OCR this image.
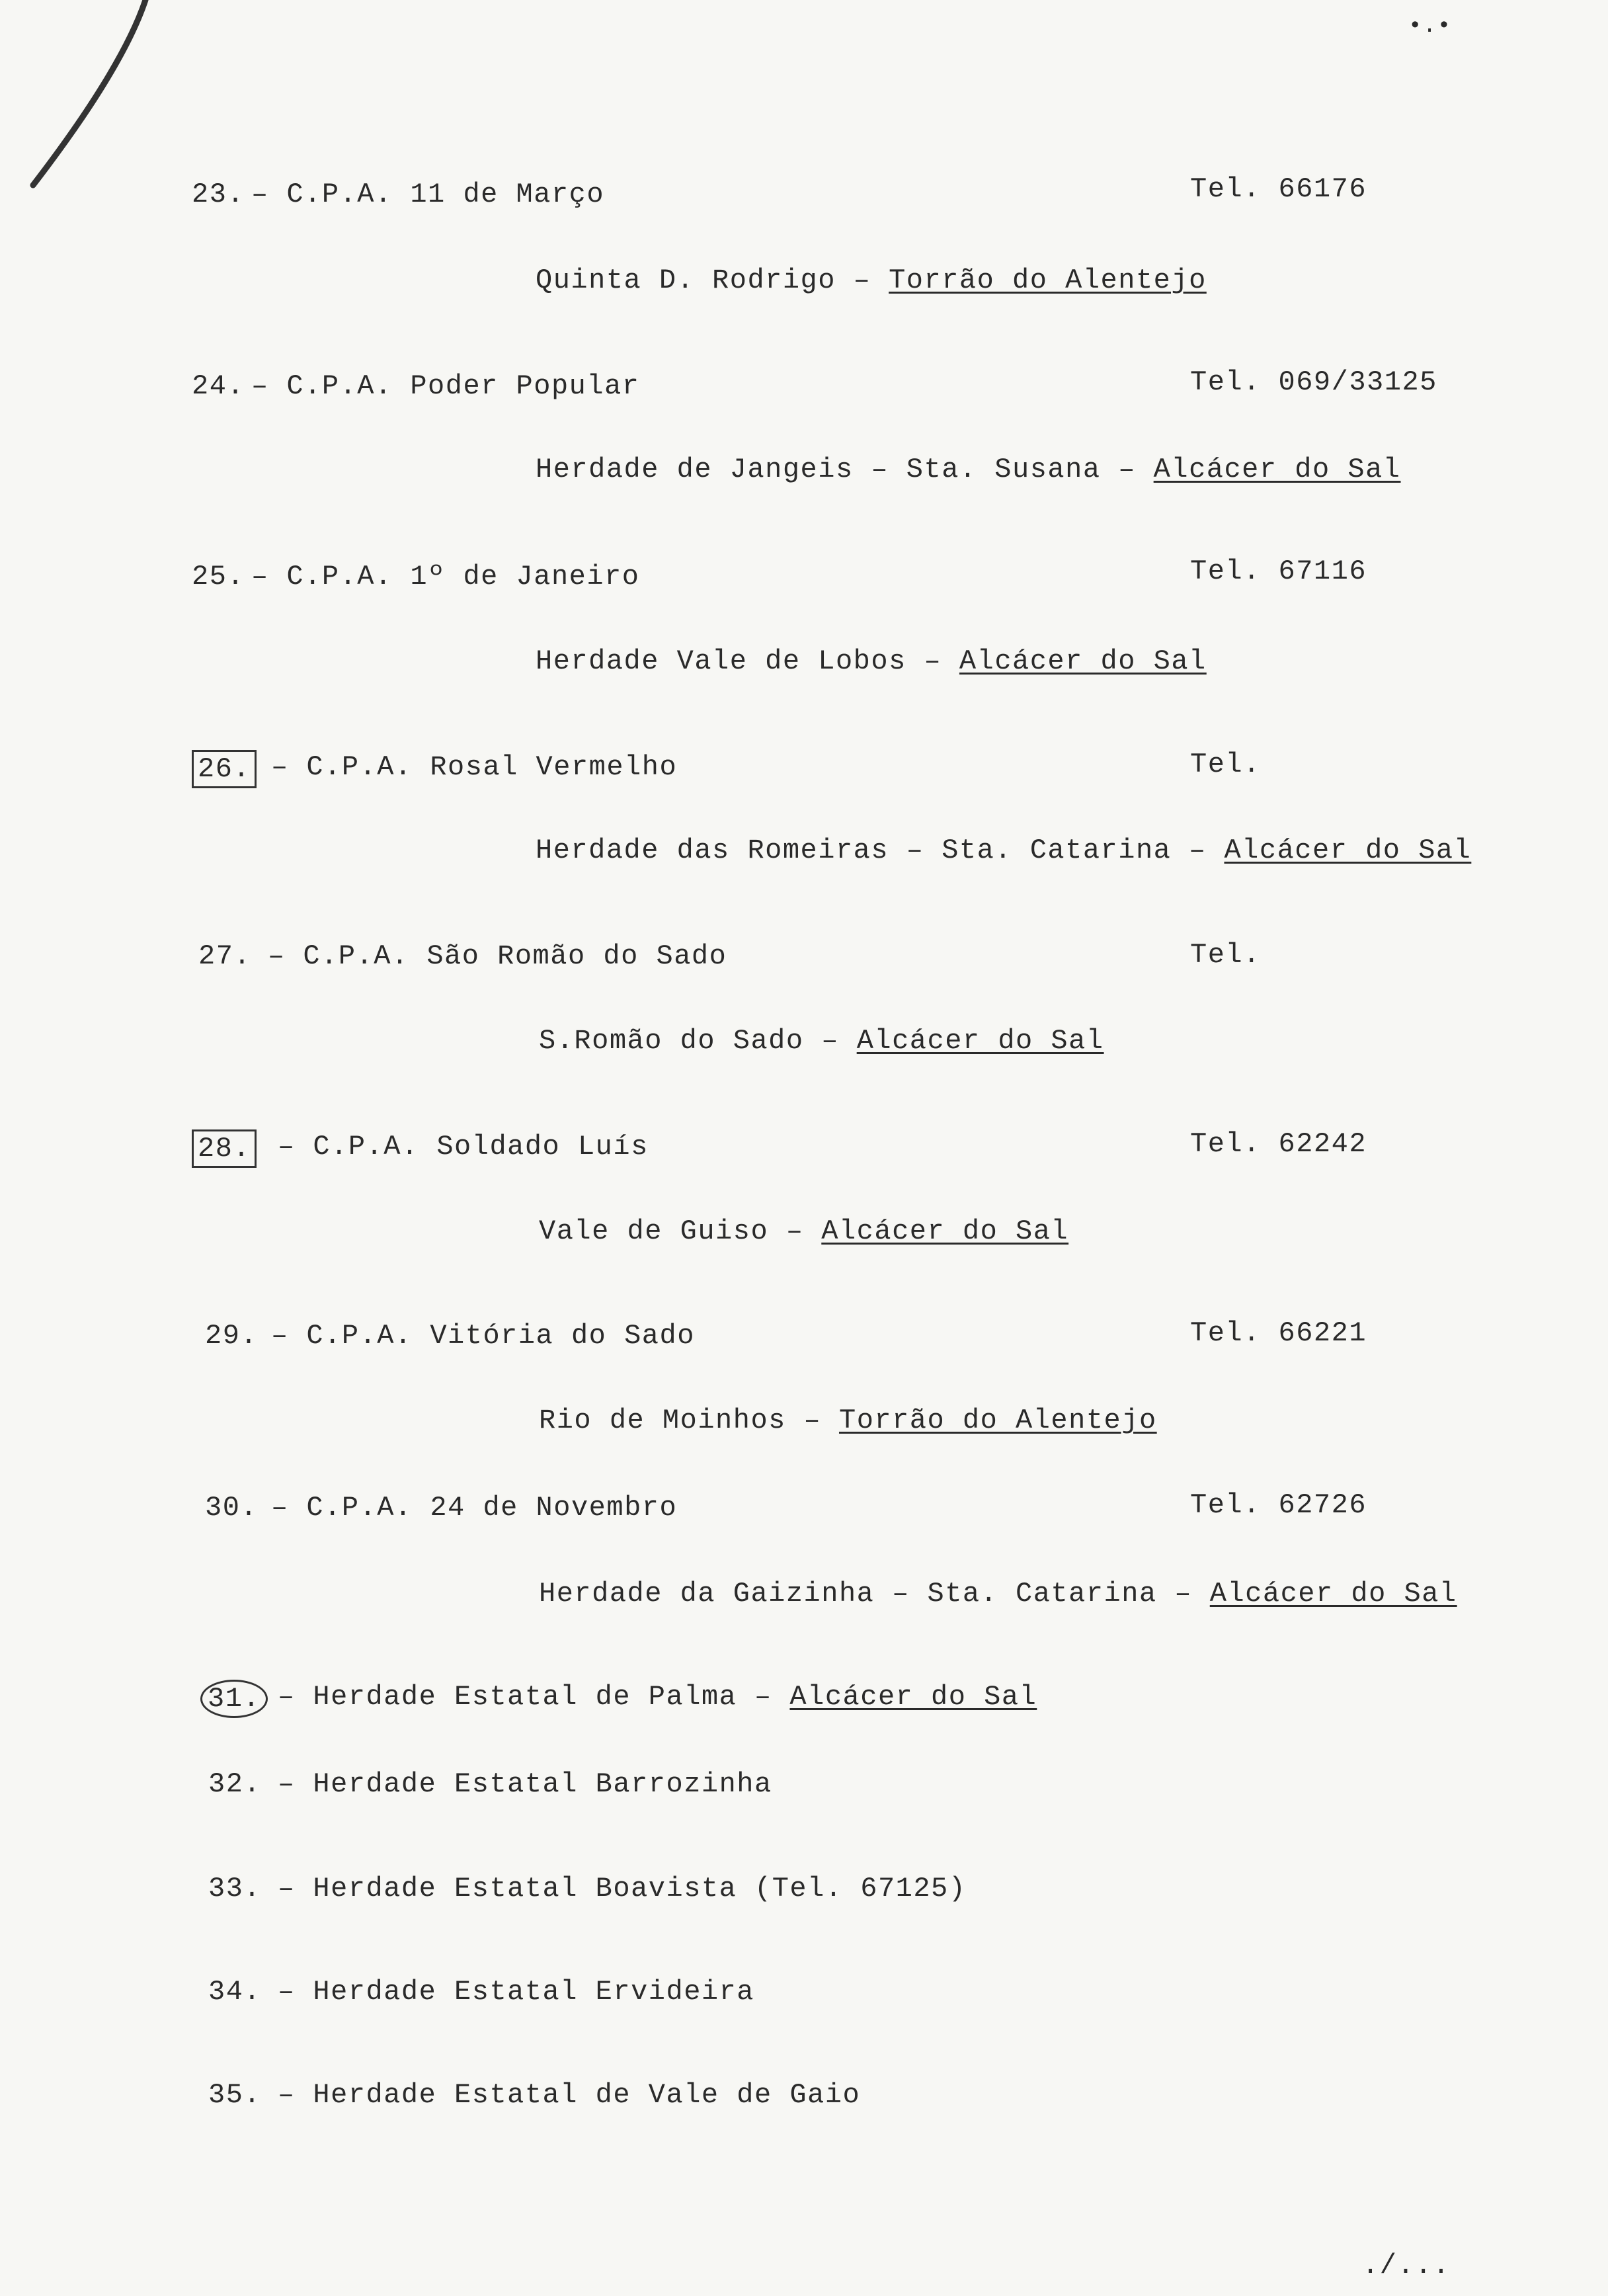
•.•
23. – C.P.A. 11 de Março	Tel. 66176
Quinta D. Rodrigo – Torrão do Alentejo
24. – C.P.A. Poder Popular	Tel. 069/33125
Herdade de Jangeis – Sta. Susana – Alcácer do Sal
25. – C.P.A. 1º de Janeiro	Tel. 67116
Herdade Vale de Lobos – Alcácer do Sal
26. – C.P.A. Rosal Vermelho	Tel.
Herdade das Romeiras – Sta. Catarina – Alcácer do Sal
27. – C.P.A. São Romão do Sado	Tel.
S.Romão do Sado – Alcácer do Sal
28. – C.P.A. Soldado Luís	Tel. 62242
Vale de Guiso – Alcácer do Sal
29. – C.P.A. Vitória do Sado	Tel. 66221
Rio de Moinhos – Torrão do Alentejo
30. – C.P.A. 24 de Novembro	Tel. 62726
Herdade da Gaizinha – Sta. Catarina – Alcácer do Sal
31. – Herdade Estatal de Palma – Alcácer do Sal
32. – Herdade Estatal Barrozinha
33. – Herdade Estatal Boavista (Tel. 67125)
34. – Herdade Estatal Ervideira
35. – Herdade Estatal de Vale de Gaio
./...
